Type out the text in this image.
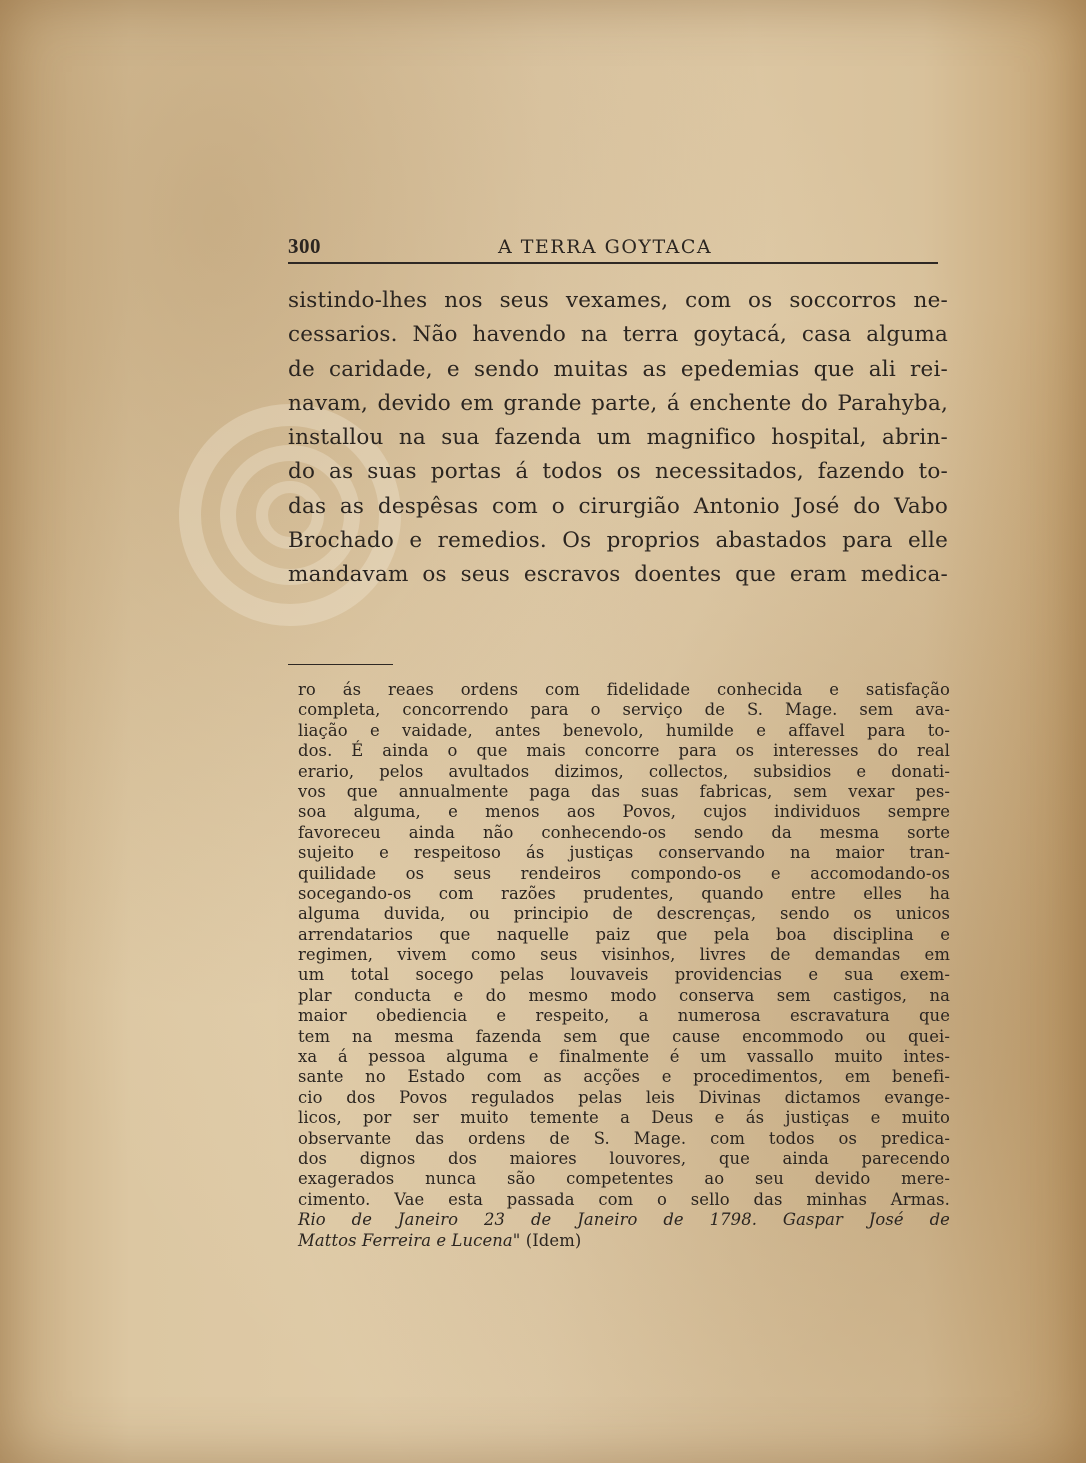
300	A TERRA GOYTACA
sistindo-lhes nos seus vexames, com os soccorros ne-
cessarios. Não havendo na terra goytacá, casa alguma
de caridade, e sendo muitas as epedemias que ali rei-
navam, devido em grande parte, á enchente do Parahyba,
installou na sua fazenda um magnifico hospital, abrin-
do as suas portas á todos os necessitados, fazendo to-
das as despêsas com o cirurgião Antonio José do Vabo
Brochado e remedios. Os proprios abastados para elle
mandavam os seus escravos doentes que eram medica-
ro ás reaes ordens com fidelidade conhecida e satisfação
completa, concorrendo para o serviço de S. Mage. sem ava-
liação e vaidade, antes benevolo, humilde e affavel para to-
dos. É ainda o que mais concorre para os interesses do real
erario, pelos avultados dizimos, collectos, subsidios e donati-
vos que annualmente paga das suas fabricas, sem vexar pes-
soa alguma, e menos aos Povos, cujos individuos sempre
favoreceu ainda não conhecendo-os sendo da mesma sorte
sujeito e respeitoso ás justiças conservando na maior tran-
quilidade os seus rendeiros compondo-os e accomodando-os
socegando-os com razões prudentes, quando entre elles ha
alguma duvida, ou principio de descrenças, sendo os unicos
arrendatarios que naquelle paiz que pela boa disciplina e
regimen, vivem como seus visinhos, livres de demandas em
um total socego pelas louvaveis providencias e sua exem-
plar conducta e do mesmo modo conserva sem castigos, na
maior obediencia e respeito, a numerosa escravatura que
tem na mesma fazenda sem que cause encommodo ou quei-
xa á pessoa alguma e finalmente é um vassallo muito intes-
sante no Estado com as acções e procedimentos, em benefi-
cio dos Povos regulados pelas leis Divinas dictamos evange-
licos, por ser muito temente a Deus e ás justiças e muito
observante das ordens de S. Mage. com todos os predica-
dos dignos dos maiores louvores, que ainda parecendo
exagerados nunca são competentes ao seu devido mere-
cimento. Vae esta passada com o sello das minhas Armas.
Rio de Janeiro 23 de Janeiro de 1798. Gaspar José de
Mattos Ferreira e Lucena" (Idem)
